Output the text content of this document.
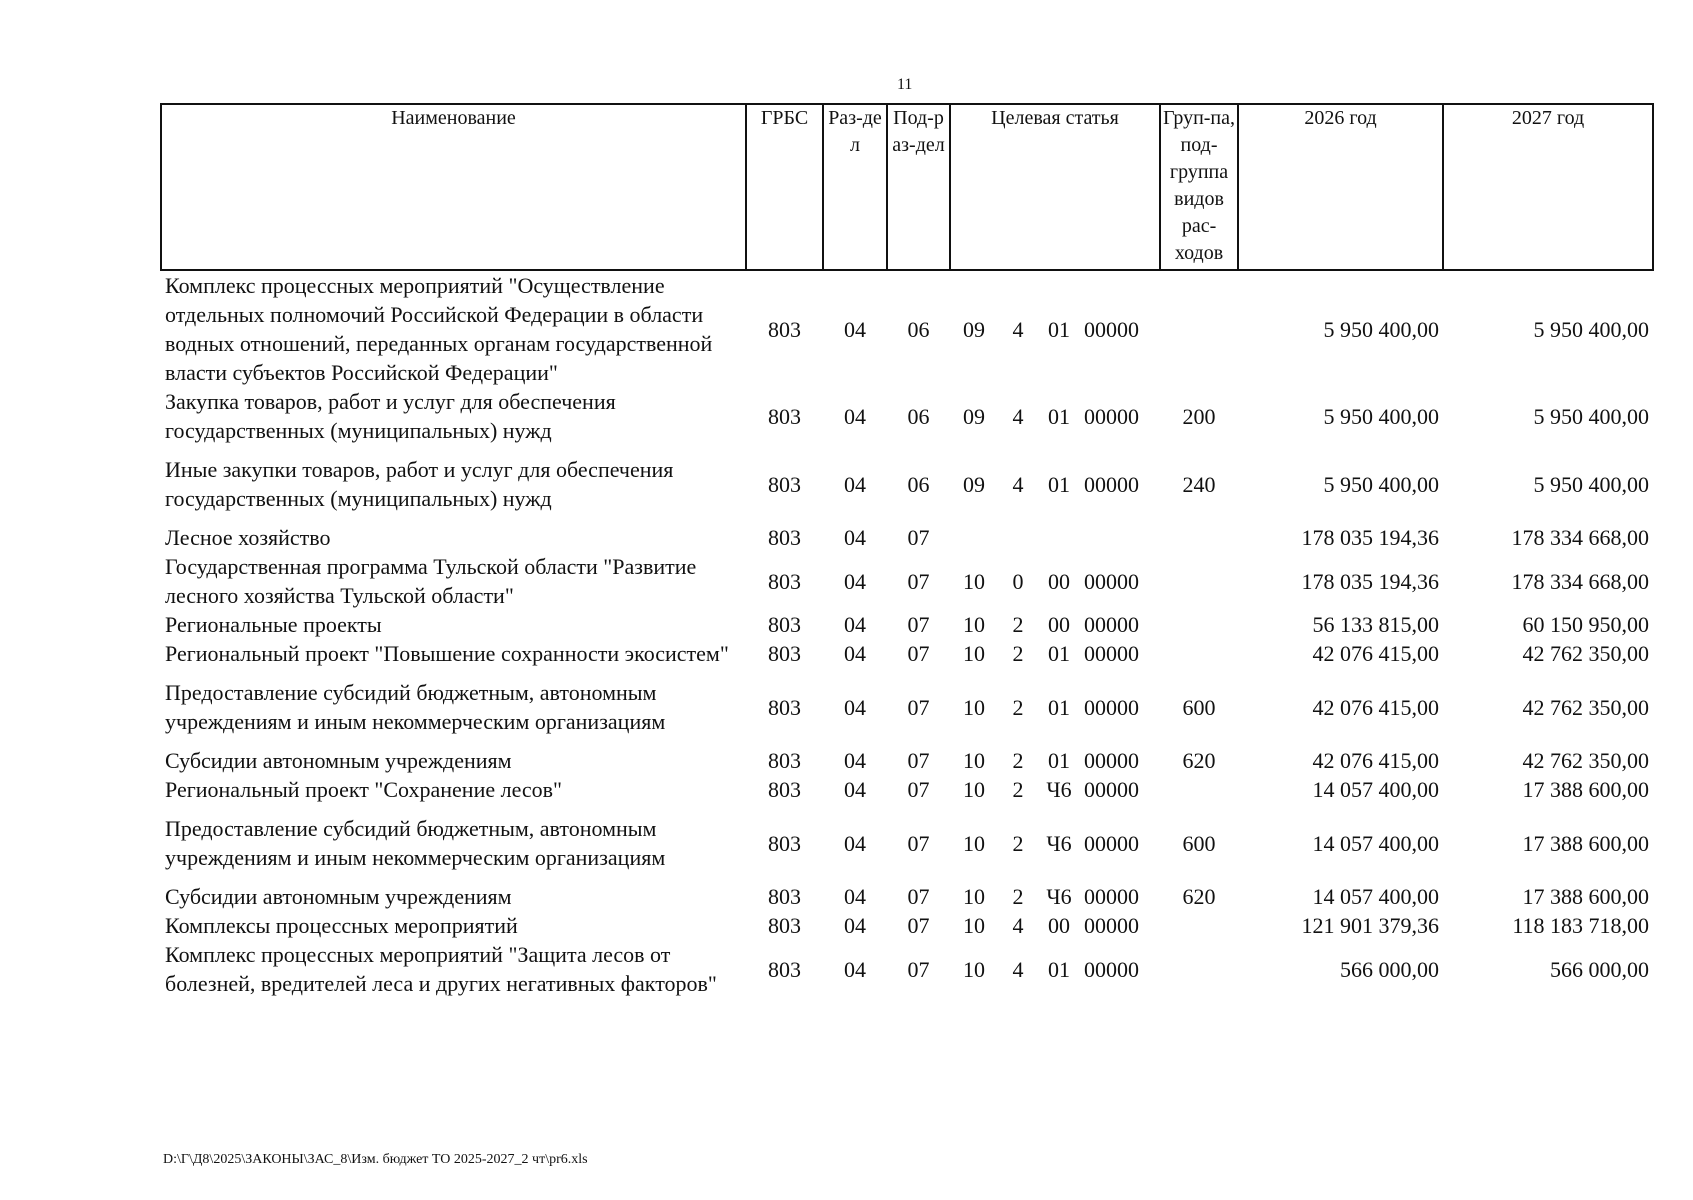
11
Наименование	ГРБС	Раз-дел	Под-раз-дел	Целевая статья				Груп-па, под-группа видов рас-ходов	2026 год	2027 год
Комплекс процессных мероприятий "Осуществление отдельных полномочий Российской Федерации в области водных отношений, переданных органам государственной власти субъектов Российской Федерации"	803	04	06	09	4	01	00000		5 950 400,00	5 950 400,00
Закупка товаров, работ и услуг для обеспечения государственных (муниципальных) нужд	803	04	06	09	4	01	00000	200	5 950 400,00	5 950 400,00
Иные закупки товаров, работ и услуг для обеспечения государственных (муниципальных) нужд	803	04	06	09	4	01	00000	240	5 950 400,00	5 950 400,00
Лесное хозяйство	803	04	07						178 035 194,36	178 334 668,00
Государственная программа Тульской области "Развитие лесного хозяйства Тульской области"	803	04	07	10	0	00	00000		178 035 194,36	178 334 668,00
Региональные проекты	803	04	07	10	2	00	00000		56 133 815,00	60 150 950,00
Региональный проект "Повышение сохранности экосистем"	803	04	07	10	2	01	00000		42 076 415,00	42 762 350,00
Предоставление субсидий бюджетным, автономным учреждениям и иным некоммерческим организациям	803	04	07	10	2	01	00000	600	42 076 415,00	42 762 350,00
Субсидии автономным учреждениям	803	04	07	10	2	01	00000	620	42 076 415,00	42 762 350,00
Региональный проект "Сохранение лесов"	803	04	07	10	2	Ч6	00000		14 057 400,00	17 388 600,00
Предоставление субсидий бюджетным, автономным учреждениям и иным некоммерческим организациям	803	04	07	10	2	Ч6	00000	600	14 057 400,00	17 388 600,00
Субсидии автономным учреждениям	803	04	07	10	2	Ч6	00000	620	14 057 400,00	17 388 600,00
Комплексы процессных мероприятий	803	04	07	10	4	00	00000		121 901 379,36	118 183 718,00
Комплекс процессных мероприятий "Защита лесов от болезней, вредителей леса и других негативных факторов"	803	04	07	10	4	01	00000		566 000,00	566 000,00
D:\Г\Д8\2025\ЗАКОНЫ\ЗАС_8\Изм. бюджет ТО 2025-2027_2 чт\pr6.xls
